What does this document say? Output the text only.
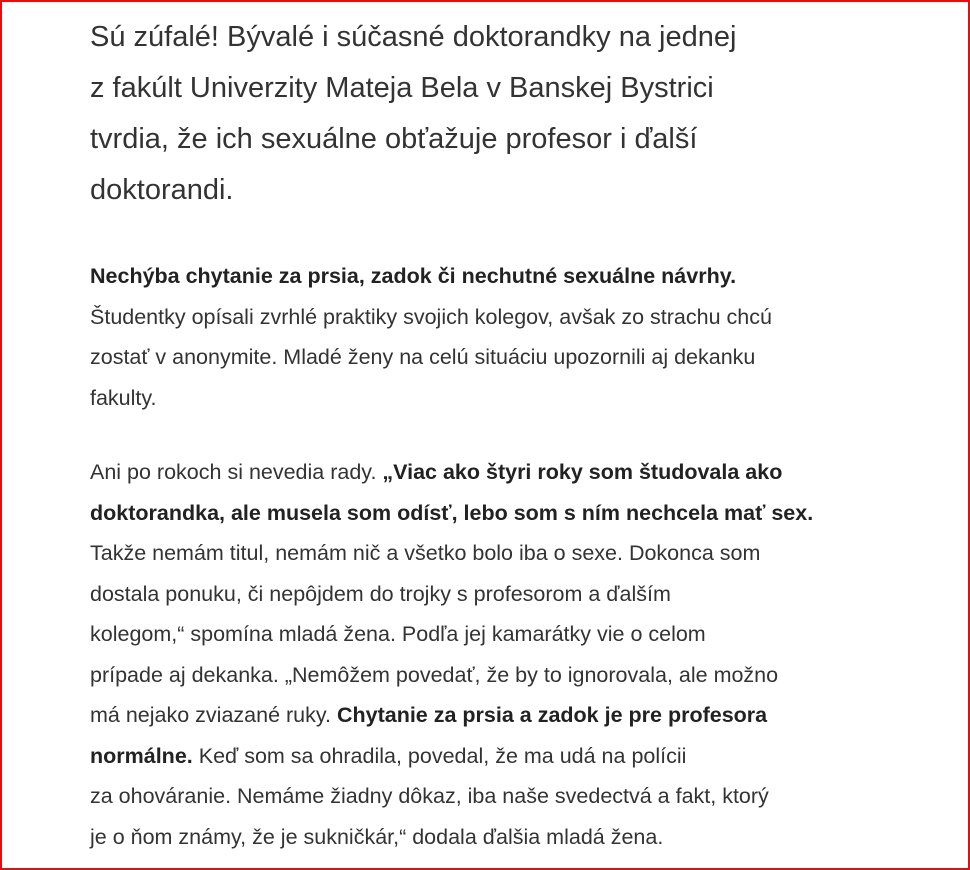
Sú zúfalé! Bývalé i súčasné doktorandky na jednej
z fakúlt Univerzity Mateja Bela v Banskej Bystrici
tvrdia, že ich sexuálne obťažuje profesor i ďalší
doktorandi.

Nechýba chytanie za prsia, zadok či nechutné sexuálne návrhy.
Študentky opísali zvrhlé praktiky svojich kolegov, avšak zo strachu chcú
zostať v anonymite. Mladé ženy na celú situáciu upozornili aj dekanku
fakulty.

Ani po rokoch si nevedia rady. „Viac ako štyri roky som študovala ako
doktorandka, ale musela som odísť, lebo som s ním nechcela mať sex.
Takže nemám titul, nemám nič a všetko bolo iba o sexe. Dokonca som
dostala ponuku, či nepôjdem do trojky s profesorom a ďalším
kolegom,“ spomína mladá žena. Podľa jej kamarátky vie o celom
prípade aj dekanka. „Nemôžem povedať, že by to ignorovala, ale možno
má nejako zviazané ruky. Chytanie za prsia a zadok je pre profesora
normálne. Keď som sa ohradila, povedal, že ma udá na polícii
za ohováranie. Nemáme žiadny dôkaz, iba naše svedectvá a fakt, ktorý
je o ňom známy, že je sukničkár,“ dodala ďalšia mladá žena.
